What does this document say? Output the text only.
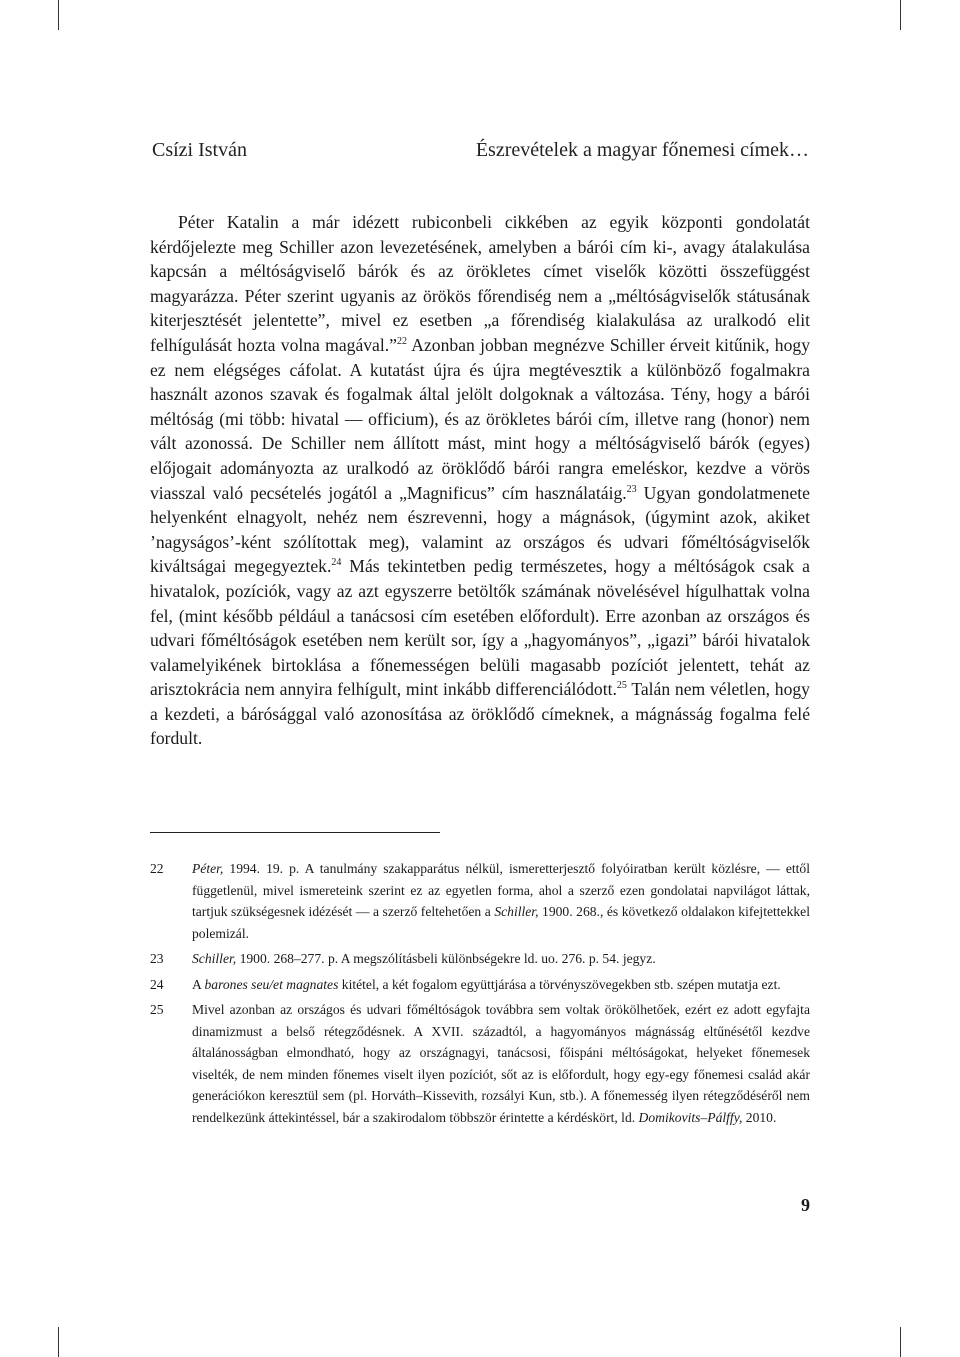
Csízi István	Észrevételek a magyar főnemesi címek…

Péter Katalin a már idézett rubiconbeli cikkében az egyik központi gondolatát kérdőjelezte meg Schiller azon levezetésének, amelyben a bárói cím ki-, avagy átalakulása kapcsán a méltóságviselő bárók és az örökletes címet viselők közötti összefüggést magyarázza. Péter szerint ugyanis az örökös főrendiség nem a „méltóságviselők státusának kiterjesztését jelentette”, mivel ez esetben „a főrendiség kialakulása az uralkodó elit felhígulását hozta volna magával.”$^{22}$ Azonban jobban megnézve Schiller érveit kitűnik, hogy ez nem elégséges cáfolat. A kutatást újra és újra megtévesztik a különböző fogalmakra használt azonos szavak és fogalmak által jelölt dolgoknak a változása. Tény, hogy a bárói méltóság (mi több: hivatal — officium), és az örökletes bárói cím, illetve rang (honor) nem vált azonossá. De Schiller nem állított mást, mint hogy a méltóságviselő bárók (egyes) előjogait adományozta az uralkodó az öröklődő bárói rangra emeléskor, kezdve a vörös viasszal való pecsételés jogától a „Magnificus” cím használatáig.$^{23}$ Ugyan gondolatmenete helyenként elnagyolt, nehéz nem észrevenni, hogy a mágnások, (úgymint azok, akiket ’nagyságos’-ként szólítottak meg), valamint az országos és udvari főméltóságviselők kiváltságai megegyeztek.$^{24}$ Más tekintetben pedig természetes, hogy a méltóságok csak a hivatalok, pozíciók, vagy az azt egyszerre betöltők számának növelésével hígulhattak volna fel, (mint később például a tanácsosi cím esetében előfordult). Erre azonban az országos és udvari főméltóságok esetében nem került sor, így a „hagyományos”, „igazi” bárói hivatalok valamelyikének birtoklása a főnemességen belüli magasabb pozíciót jelentett, tehát az arisztokrácia nem annyira felhígult, mint inkább differenciálódott.$^{25}$ Talán nem véletlen, hogy a kezdeti, a bárósággal való azonosítása az öröklődő címeknek, a mágnásság fogalma felé fordult.

22	Péter, 1994. 19. p. A tanulmány szakapparátus nélkül, ismeretterjesztő folyóiratban került közlésre, — ettől függetlenül, mivel ismereteink szerint ez az egyetlen forma, ahol a szerző ezen gondolatai napvilágot láttak, tartjuk szükségesnek idézését — a szerző feltehetően a Schiller, 1900. 268., és következő oldalakon kifejtettekkel polemizál.
23	Schiller, 1900. 268–277. p. A megszólításbeli különbségekre ld. uo. 276. p. 54. jegyz.
24	A barones seu/et magnates kitétel, a két fogalom együttjárása a törvényszövegekben stb. szépen mutatja ezt.
25	Mivel azonban az országos és udvari főméltóságok továbbra sem voltak örökölhetőek, ezért ez adott egyfajta dinamizmust a belső rétegződésnek. A XVII. századtól, a hagyományos mágnásság eltűnésétől kezdve általánosságban elmondható, hogy az országnagyi, tanácsosi, főispáni méltóságokat, helyeket főnemesek viselték, de nem minden főnemes viselt ilyen pozíciót, sőt az is előfordult, hogy egy-egy főnemesi család akár generációkon keresztül sem (pl. Horváth–Kissevith, rozsályi Kun, stb.). A főnemesség ilyen rétegződéséről nem rendelkezünk áttekintéssel, bár a szakirodalom többször érintette a kérdéskört, ld. Domikovits–Pálffy, 2010.
9
